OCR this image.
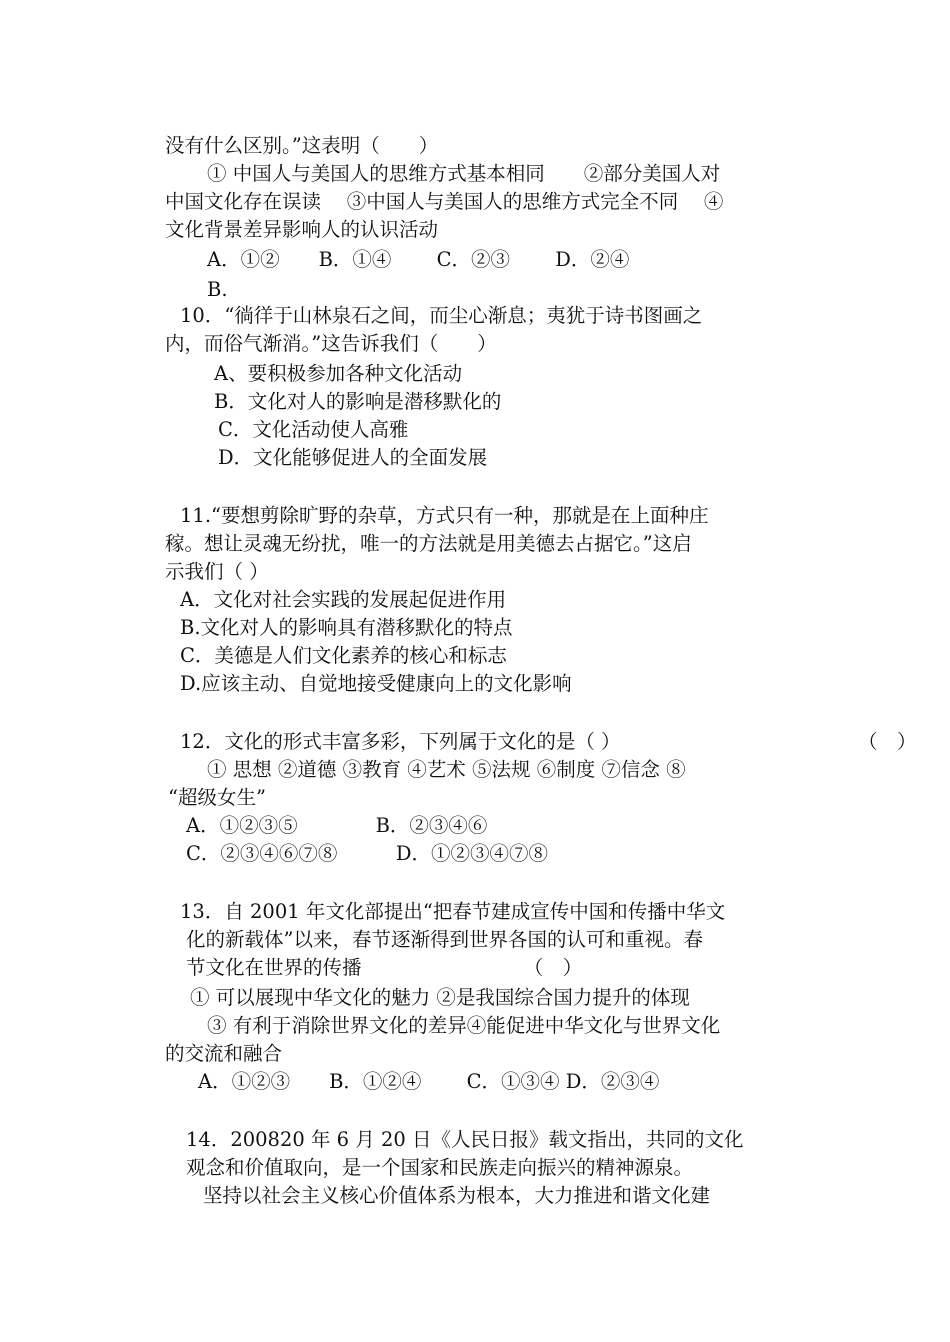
没有什么区别。”这表明（　　）

① 中国人与美国人的思维方式基本相同　　②部分美国人对

中国文化存在误读　 ③中国人与美国人的思维方式完全不同　 ④

文化背景差异影响人的认识活动

A．①②　　B．①④　　 C．②③　　 D．②④

B.

10．“徜徉于山林泉石之间，而尘心渐息；夷犹于诗书图画之

内，而俗气渐消。”这告诉我们（　　）

A、要积极参加各种文化活动

B．文化对人的影响是潜移默化的

C．文化活动使人高雅

D．文化能够促进人的全面发展

11.“要想剪除旷野的杂草，方式只有一种，那就是在上面种庄

稼。想让灵魂无纷扰，唯一的方法就是用美德去占据它。”这启

示我们（ ）

A．文化对社会实践的发展起促进作用

B.文化对人的影响具有潜移默化的特点

C．美德是人们文化素养的核心和标志

D.应该主动、自觉地接受健康向上的文化影响

12．文化的形式丰富多彩，下列属于文化的是（ ）	（　）

① 思想 ②道德 ③教育 ④艺术 ⑤法规 ⑥制度 ⑦信念 ⑧

“超级女生”

A．①②③⑤　　　　B．②③④⑥

C．②③④⑥⑦⑧　　　D．①②③④⑦⑧

13．自 2001 年文化部提出“把春节建成宣传中国和传播中华文

化的新载体”以来，春节逐渐得到世界各国的认可和重视。春

节文化在世界的传播　　　　　　　　 （　）

① 可以展现中华文化的魅力 ②是我国综合国力提升的体现

③ 有利于消除世界文化的差异④能促进中华文化与世界文化

的交流和融合

A．①②③　　B．①②④　　 C．①③④ D．②③④

14．200820 年 6 月 20 日《人民日报》载文指出，共同的文化

观念和价值取向，是一个国家和民族走向振兴的精神源泉。

坚持以社会主义核心价值体系为根本，大力推进和谐文化建
